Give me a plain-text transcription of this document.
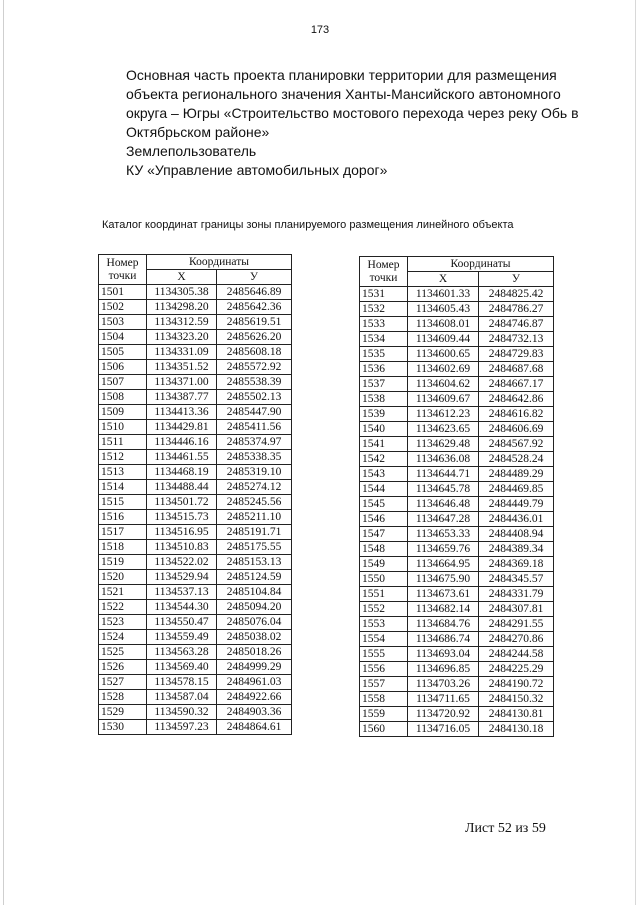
173
Основная часть проекта планировки территории для размещения
объекта регионального значения Ханты-Мансийского автономного
округа – Югры «Строительство мостового перехода через реку Обь в
Октябрьском районе»
Землепользователь
КУ «Управление автомобильных дорог»
Каталог координат границы зоны планируемого размещения линейного объекта
Номер точки	Координаты	
	X	У
1501	1134305.38	2485646.89
1502	1134298.20	2485642.36
1503	1134312.59	2485619.51
1504	1134323.20	2485626.20
1505	1134331.09	2485608.18
1506	1134351.52	2485572.92
1507	1134371.00	2485538.39
1508	1134387.77	2485502.13
1509	1134413.36	2485447.90
1510	1134429.81	2485411.56
1511	1134446.16	2485374.97
1512	1134461.55	2485338.35
1513	1134468.19	2485319.10
1514	1134488.44	2485274.12
1515	1134501.72	2485245.56
1516	1134515.73	2485211.10
1517	1134516.95	2485191.71
1518	1134510.83	2485175.55
1519	1134522.02	2485153.13
1520	1134529.94	2485124.59
1521	1134537.13	2485104.84
1522	1134544.30	2485094.20
1523	1134550.47	2485076.04
1524	1134559.49	2485038.02
1525	1134563.28	2485018.26
1526	1134569.40	2484999.29
1527	1134578.15	2484961.03
1528	1134587.04	2484922.66
1529	1134590.32	2484903.36
1530	1134597.23	2484864.61
Номер точки	Координаты	
	X	У
1531	1134601.33	2484825.42
1532	1134605.43	2484786.27
1533	1134608.01	2484746.87
1534	1134609.44	2484732.13
1535	1134600.65	2484729.83
1536	1134602.69	2484687.68
1537	1134604.62	2484667.17
1538	1134609.67	2484642.86
1539	1134612.23	2484616.82
1540	1134623.65	2484606.69
1541	1134629.48	2484567.92
1542	1134636.08	2484528.24
1543	1134644.71	2484489.29
1544	1134645.78	2484469.85
1545	1134646.48	2484449.79
1546	1134647.28	2484436.01
1547	1134653.33	2484408.94
1548	1134659.76	2484389.34
1549	1134664.95	2484369.18
1550	1134675.90	2484345.57
1551	1134673.61	2484331.79
1552	1134682.14	2484307.81
1553	1134684.76	2484291.55
1554	1134686.74	2484270.86
1555	1134693.04	2484244.58
1556	1134696.85	2484225.29
1557	1134703.26	2484190.72
1558	1134711.65	2484150.32
1559	1134720.92	2484130.81
1560	1134716.05	2484130.18
Лист 52 из 59
